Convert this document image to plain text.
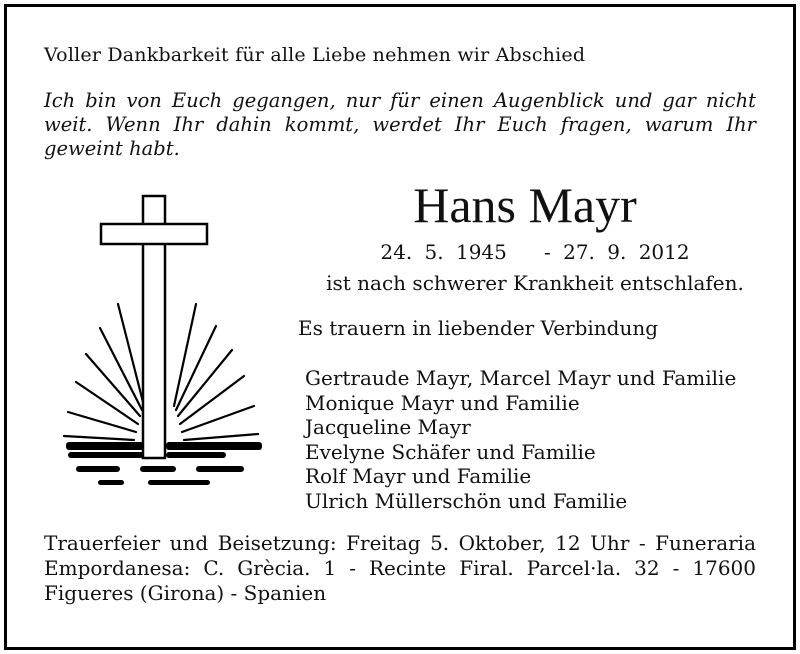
Voller Dankbarkeit für alle Liebe nehmen wir Abschied
Ich bin von Euch gegangen, nur für einen Augenblick und gar nicht
weit. Wenn Ihr dahin kommt, werdet Ihr Euch fragen, warum Ihr
geweint habt.
Hans Mayr
24. 5. 1945 - 27. 9. 2012
ist nach schwerer Krankheit entschlafen.
Es trauern in liebender Verbindung
Gertraude Mayr, Marcel Mayr und Familie
Monique Mayr und Familie
Jacqueline Mayr
Evelyne Schäfer und Familie
Rolf Mayr und Familie
Ulrich Müllerschön und Familie
Trauerfeier und Beisetzung: Freitag 5. Oktober, 12 Uhr - Funeraria
Empordanesa: C. Grècia. 1 - Recinte Firal. Parcel·la. 32 - 17600
Figueres (Girona) - Spanien
